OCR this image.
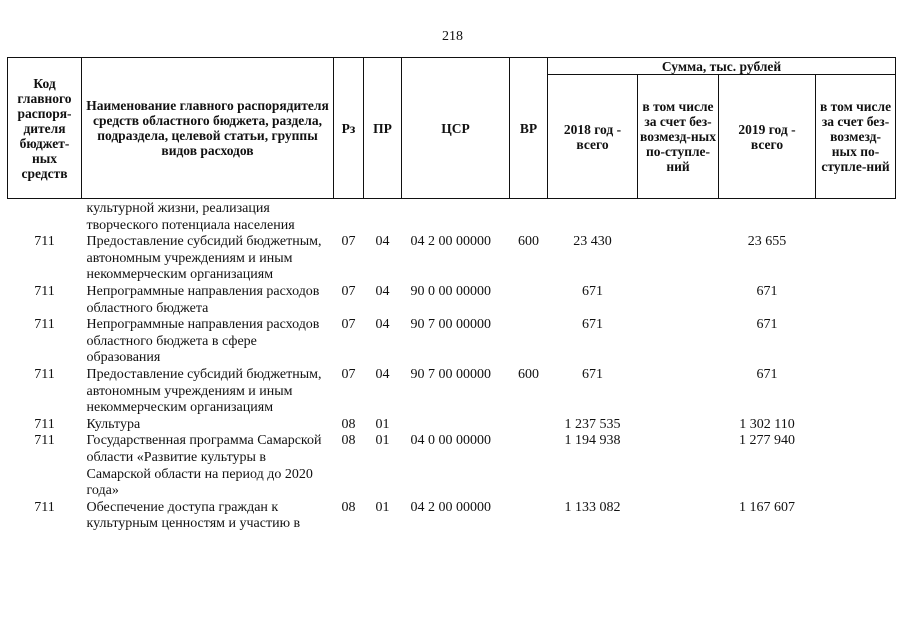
218
Код главного распоря-дителя бюджет-ных средств	Наименование главного распорядителя средств областного бюджета, раздела, подраздела, целевой статьи, группы видов расходов	Рз	ПР	ЦСР	ВР	Сумма, тыс. рублей			
						2018 год - всего	в том числе за счет без-возмезд-ных по-ступле-ний	2019 год - всего	в том числе за счет без-возмезд-ных по-ступле-ний

	культурной жизни, реализация творческого потенциала населения								
711	Предоставление субсидий бюджетным, автономным учреждениям и иным некоммерческим организациям	07	04	04 2 00 00000	600	23 430		23 655	
711	Непрограммные направления расходов областного бюджета	07	04	90 0 00 00000		671		671	
711	Непрограммные направления расходов областного бюджета в сфере образования	07	04	90 7 00 00000		671		671	
711	Предоставление субсидий бюджетным, автономным учреждениям и иным некоммерческим организациям	07	04	90 7 00 00000	600	671		671	
711	Культура	08	01			1 237 535		1 302 110	
711	Государственная программа Самарской области «Развитие культуры в Самарской области на период до 2020 года»	08	01	04 0 00 00000		1 194 938		1 277 940	
711	Обеспечение доступа граждан к культурным ценностям и участию в	08	01	04 2 00 00000		1 133 082		1 167 607	
